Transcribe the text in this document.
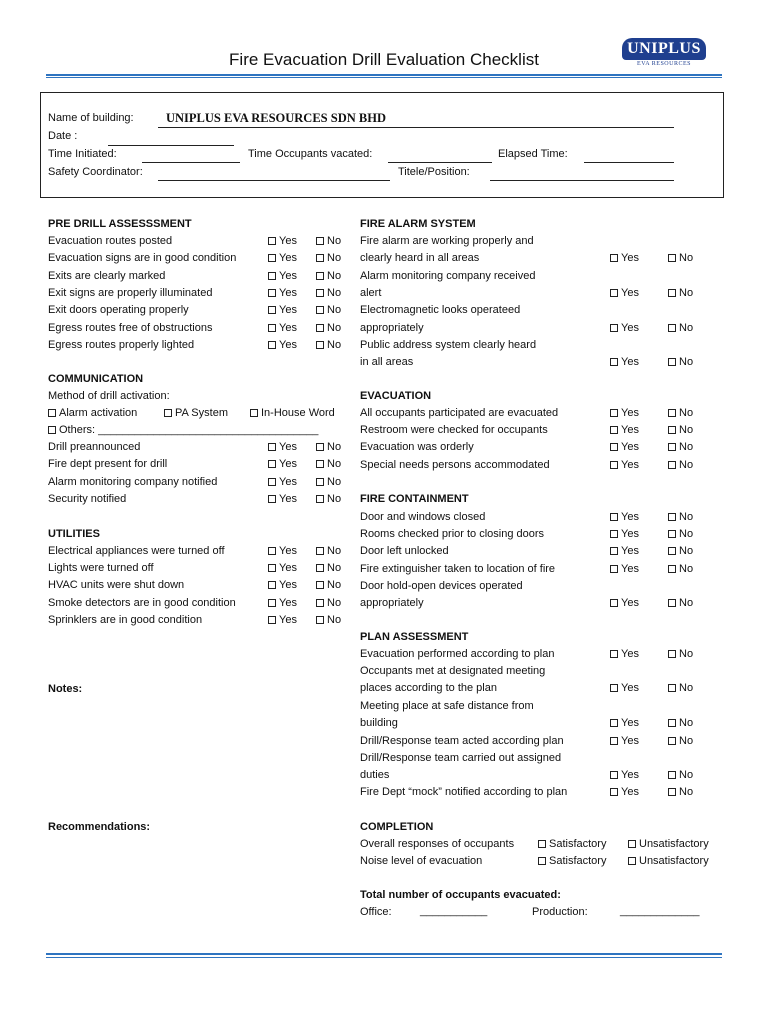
Fire Evacuation Drill Evaluation Checklist
UNIPLUS
EVA RESOURCES
Name of building:	UNIPLUS EVA RESOURCES SDN BHD
Date :
Time Initiated:	Time Occupants vacated:	Elapsed Time:
Safety Coordinator:	Titele/Position:
PRE DRILL ASSESSSMENT
Evacuation routes posted	Yes	No
Evacuation signs are in good condition	Yes	No
Exits are clearly marked	Yes	No
Exit signs are properly illuminated	Yes	No
Exit doors operating properly	Yes	No
Egress routes free of obstructions	Yes	No
Egress routes properly lighted	Yes	No
COMMUNICATION
Method of drill activation:
Alarm activation	PA System	In-House Word
Others: ____________________________________
Drill preannounced	Yes	No
Fire dept present for drill	Yes	No
Alarm monitoring company notified	Yes	No
Security notified	Yes	No
UTILITIES
Electrical appliances were turned off	Yes	No
Lights were turned off	Yes	No
HVAC units were shut down	Yes	No
Smoke detectors are in good condition	Yes	No
Sprinklers are in good condition	Yes	No
Notes:
Recommendations:
FIRE ALARM SYSTEM
Fire alarm are working properly and
clearly heard in all areas	Yes	No
Alarm monitoring company received
alert	Yes	No
Electromagnetic looks operateed
appropriately	Yes	No
Public address system clearly heard
in all areas	Yes	No
EVACUATION
All occupants participated are evacuated	Yes	No
Restroom were checked for occupants	Yes	No
Evacuation was orderly	Yes	No
Special needs persons accommodated	Yes	No
FIRE CONTAINMENT
Door and windows closed	Yes	No
Rooms checked prior to closing doors	Yes	No
Door left unlocked	Yes	No
Fire extinguisher taken to location of fire	Yes	No
Door hold-open devices operated
appropriately	Yes	No
PLAN ASSESSMENT
Evacuation performed according to plan	Yes	No
Occupants met at designated meeting
places according to the plan	Yes	No
Meeting place at safe distance from
building	Yes	No
Drill/Response team acted according plan	Yes	No
Drill/Response team carried out assigned
duties	Yes	No
Fire Dept “mock” notified according to plan	Yes	No
COMPLETION
Overall responses of occupants	Satisfactory	Unsatisfactory
Noise level of evacuation	Satisfactory	Unsatisfactory
Total number of occupants evacuated:
Office:	___________	Production:	_____________
